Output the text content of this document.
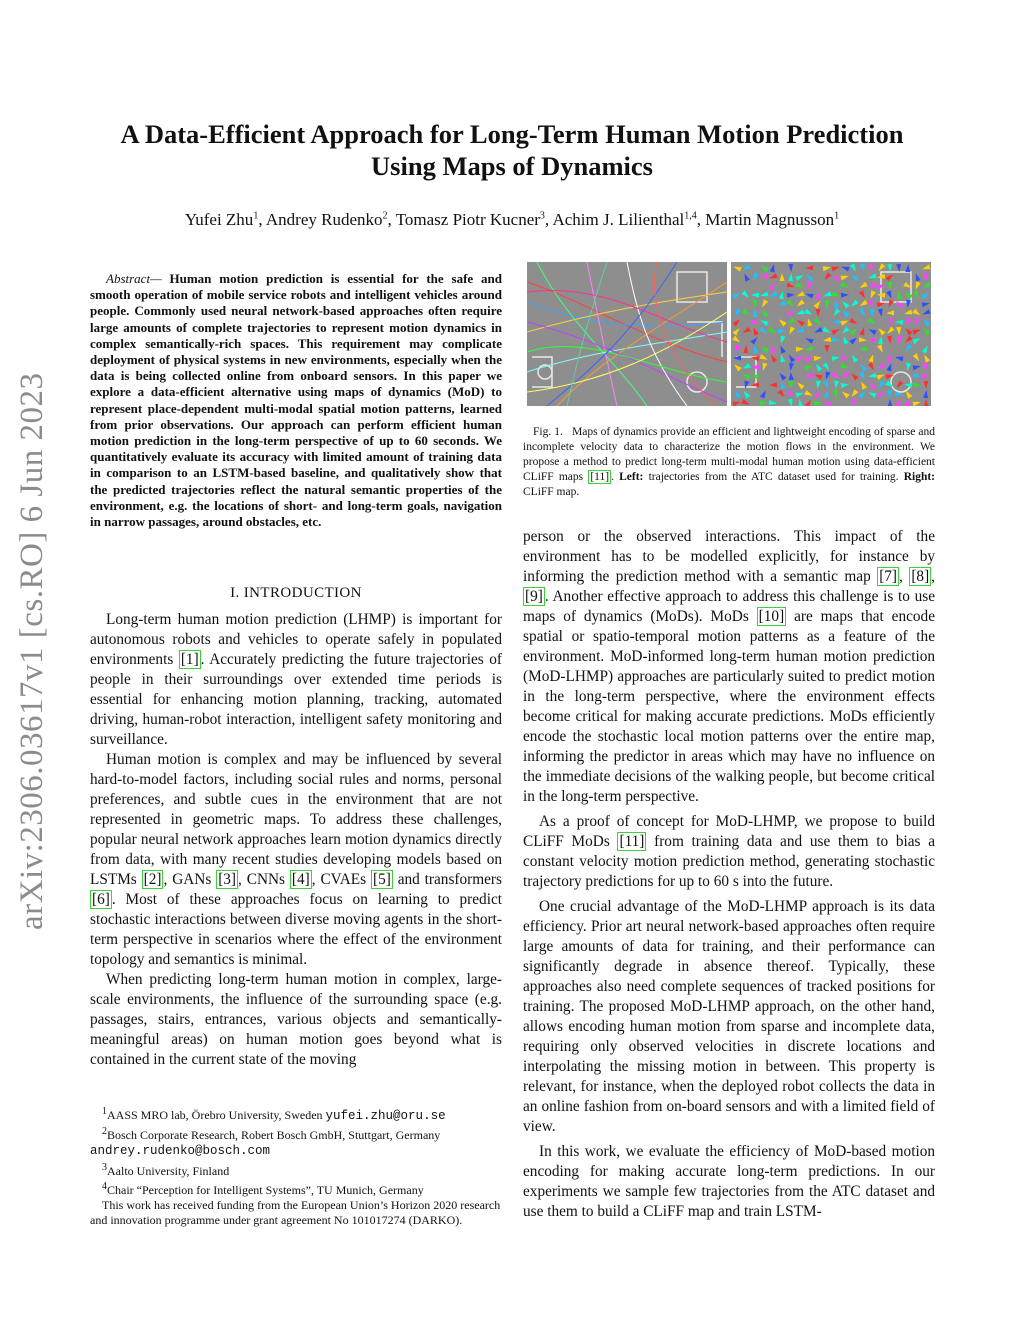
arXiv:2306.03617v1 [cs.RO] 6 Jun 2023
A Data-Efficient Approach for Long-Term Human Motion Prediction
Using Maps of Dynamics
Yufei Zhu$^1$, Andrey Rudenko$^2$, Tomasz Piotr Kucner$^3$, Achim J. Lilienthal$^{1,4}$, Martin Magnusson$^1$
Abstract— Human motion prediction is essential for the safe and smooth operation of mobile service robots and intelligent vehicles around people. Commonly used neural network-based approaches often require large amounts of complete trajectories to represent motion dynamics in complex semantically-rich spaces. This requirement may complicate deployment of physical systems in new environments, especially when the data is being collected online from onboard sensors. In this paper we explore a data-efficient alternative using maps of dynamics (MoD) to represent place-dependent multi-modal spatial motion patterns, learned from prior observations. Our approach can perform efficient human motion prediction in the long-term perspective of up to 60 seconds. We quantitatively evaluate its accuracy with limited amount of training data in comparison to an LSTM-based baseline, and qualitatively show that the predicted trajectories reflect the natural semantic properties of the environment, e.g. the locations of short- and long-term goals, navigation in narrow passages, around obstacles, etc.
I. INTRODUCTION

Long-term human motion prediction (LHMP) is important for autonomous robots and vehicles to operate safely in populated environments [1] . Accurately predicting the future trajectories of people in their surroundings over extended time periods is essential for enhancing motion planning, tracking, automated driving, human-robot interaction, intelligent safety monitoring and surveillance.

Human motion is complex and may be influenced by several hard-to-model factors, including social rules and norms, personal preferences, and subtle cues in the environment that are not represented in geometric maps. To address these challenges, popular neural network approaches learn motion dynamics directly from data, with many recent studies developing models based on LSTMs [2] , GANs [3] , CNNs [4] , CVAEs [5] and transformers [6] . Most of these approaches focus on learning to predict stochastic interactions between diverse moving agents in the short-term perspective in scenarios where the effect of the environment topology and semantics is minimal.

When predicting long-term human motion in complex, large-scale environments, the influence of the surrounding space (e.g. passages, stairs, entrances, various objects and semantically-meaningful areas) on human motion goes beyond what is contained in the current state of the moving

Fig. 1. Maps of dynamics provide an efficient and lightweight encoding of sparse and incomplete velocity data to characterize the motion flows in the environment. We propose a method to predict long-term multi-modal human motion using data-efficient CLiFF maps [11] . Left: trajectories from the ATC dataset used for training. Right: CLiFF map.

person or the observed interactions. This impact of the environment has to be modelled explicitly, for instance by informing the prediction method with a semantic map [7] , [8] , [9] . Another effective approach to address this challenge is to use maps of dynamics (MoDs). MoDs [10] are maps that encode spatial or spatio-temporal motion patterns as a feature of the environment. MoD-informed long-term human motion prediction (MoD-LHMP) approaches are particularly suited to predict motion in the long-term perspective, where the environment effects become critical for making accurate predictions. MoDs efficiently encode the stochastic local motion patterns over the entire map, informing the predictor in areas which may have no influence on the immediate decisions of the walking people, but become critical in the long-term perspective.

As a proof of concept for MoD-LHMP, we propose to build CLiFF MoDs [11] from training data and use them to bias a constant velocity motion prediction method, generating stochastic trajectory predictions for up to 60 s into the future.

One crucial advantage of the MoD-LHMP approach is its data efficiency. Prior art neural network-based approaches often require large amounts of data for training, and their performance can significantly degrade in absence thereof. Typically, these approaches also need complete sequences of tracked positions for training. The proposed MoD-LHMP approach, on the other hand, allows encoding human motion from sparse and incomplete data, requiring only observed velocities in discrete locations and interpolating the missing motion in between. This property is relevant, for instance, when the deployed robot collects the data in an online fashion from on-board sensors and with a limited field of view.

In this work, we evaluate the efficiency of MoD-based motion encoding for making accurate long-term predictions. In our experiments we sample few trajectories from the ATC dataset and use them to build a CLiFF map and train LSTM-

$^1$AASS MRO lab, Örebro University, Sweden yufei.zhu@oru.se
$^2$Bosch Corporate Research, Robert Bosch GmbH, Stuttgart, Germany andrey.rudenko@bosch.com
$^3$Aalto University, Finland
$^4$Chair “Perception for Intelligent Systems”, TU Munich, Germany
This work has received funding from the European Union’s Horizon 2020 research and innovation programme under grant agreement No 101017274 (DARKO).
